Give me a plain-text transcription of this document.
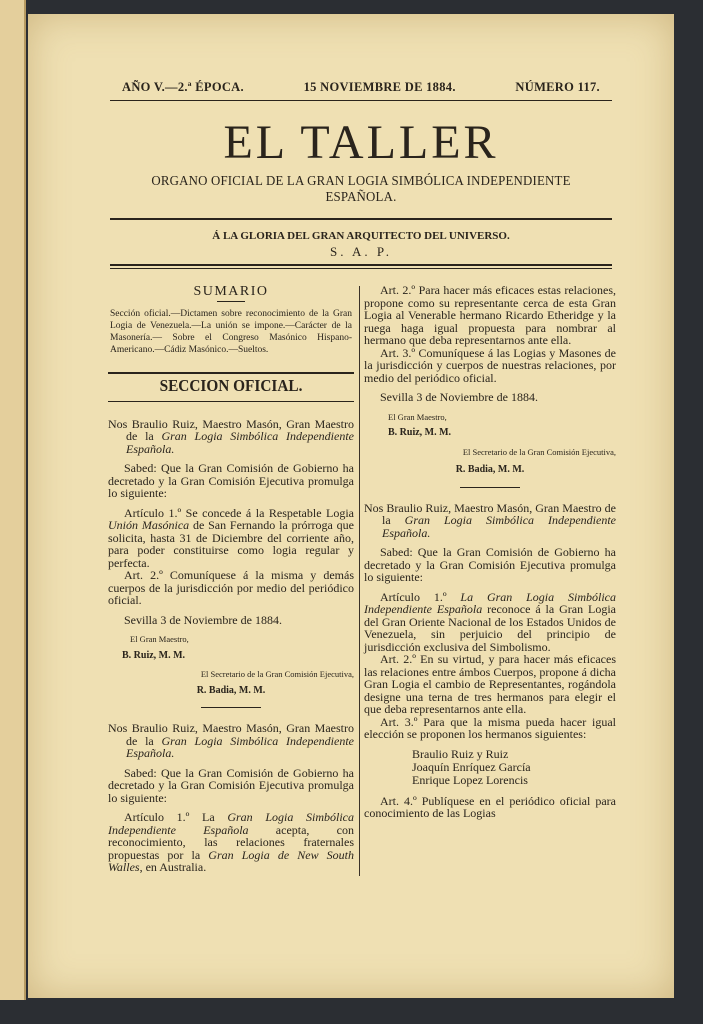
AÑO V.—2.ª ÉPOCA.	15 NOVIEMBRE DE 1884.	NÚMERO 117.
EL TALLER
ORGANO OFICIAL DE LA GRAN LOGIA SIMBÓLICA INDEPENDIENTE ESPAÑOLA.
Á LA GLORIA DEL GRAN ARQUITECTO DEL UNIVERSO.
S. A. P.
SUMARIO
Sección oficial.—Dictamen sobre reconocimiento de la Gran Logia de Venezuela.—La unión se impone.—Carácter de la Masonería.— Sobre el Congreso Masónico Hispano-Americano.—Cádiz Masónico.—Sueltos.
SECCION OFICIAL.

Nos Braulio Ruiz, Maestro Masón, Gran Maestro de la Gran Logia Simbólica Independiente Española.

Sabed: Que la Gran Comisión de Gobierno ha decretado y la Gran Comisión Ejecutiva promulga lo siguiente:

Artículo 1.º Se concede á la Respetable Logia Unión Masónica de San Fernando la prórroga que solicita, hasta 31 de Diciembre del corriente año, para poder constituirse como logia regular y perfecta.

Art. 2.º Comuníquese á la misma y demás cuerpos de la jurisdicción por medio del periódico oficial.

Sevilla 3 de Noviembre de 1884.

El Gran Maestro,
B. Ruiz, M. M.
El Secretario de la Gran Comisión Ejecutiva,
R. Badia, M. M.

Nos Braulio Ruiz, Maestro Masón, Gran Maestro de la Gran Logia Simbólica Independiente Española.

Sabed: Que la Gran Comisión de Gobierno ha decretado y la Gran Comisión Ejecutiva promulga lo siguiente:

Artículo 1.º La Gran Logia Simbólica Independiente Española acepta, con reconocimiento, las relaciones fraternales propuestas por la Gran Logia de New South Walles, en Australia.

Art. 2.º Para hacer más eficaces estas relaciones, propone como su representante cerca de esta Gran Logia al Venerable hermano Ricardo Etheridge y la ruega haga igual propuesta para nombrar al hermano que deba representarnos ante ella.

Art. 3.º Comuníquese á las Logias y Masones de la jurisdicción y cuerpos de nuestras relaciones, por medio del periódico oficial.

Sevilla 3 de Noviembre de 1884.

El Gran Maestro,
B. Ruiz, M. M.
El Secretario de la Gran Comisión Ejecutiva,
R. Badia, M. M.

Nos Braulio Ruiz, Maestro Masón, Gran Maestro de la Gran Logia Simbólica Independiente Española.

Sabed: Que la Gran Comisión de Gobierno ha decretado y la Gran Comisión Ejecutiva promulga lo siguiente:

Artículo 1.º La Gran Logia Simbólica Independiente Española reconoce á la Gran Logia del Gran Oriente Nacional de los Estados Unidos de Venezuela, sin perjuicio del principio de jurisdicción exclusiva del Simbolismo.

Art. 2.º En su virtud, y para hacer más eficaces las relaciones entre ámbos Cuerpos, propone á dicha Gran Logia el cambio de Representantes, rogándola designe una terna de tres hermanos para elegir el que deba representarnos ante ella.

Art. 3.º Para que la misma pueda hacer igual elección se proponen los hermanos siguientes:

Braulio Ruiz y Ruiz
Joaquín Enríquez García
Enrique Lopez Lorencis

Art. 4.º Publíquese en el periódico oficial para conocimiento de las Logias
